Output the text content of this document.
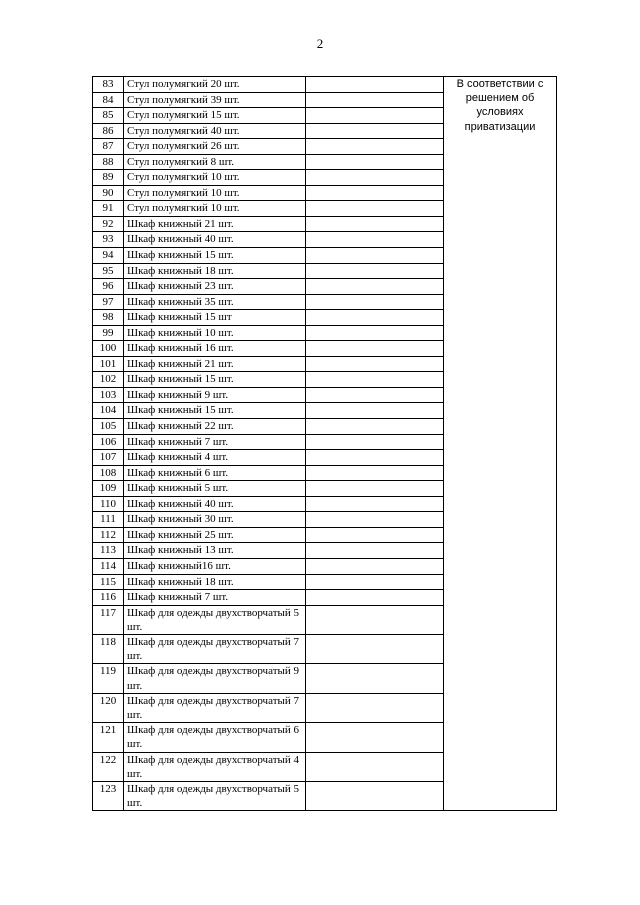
2
83	Стул полумягкий 20 шт.		В соответствии с решением об условиях приватизации
84	Стул полумягкий 39 шт.		
85	Стул полумягкий 15 шт.		
86	Стул полумягкий 40 шт.		
87	Стул полумягкий 26 шт.		
88	Стул полумягкий 8 шт.		
89	Стул полумягкий 10 шт.		
90	Стул полумягкий 10 шт.		
91	Стул полумягкий 10 шт.		
92	Шкаф книжный 21 шт.		
93	Шкаф книжный 40 шт.		
94	Шкаф книжный 15 шт.		
95	Шкаф книжный 18 шт.		
96	Шкаф книжный 23 шт.		
97	Шкаф книжный 35 шт.		
98	Шкаф книжный 15 шт		
99	Шкаф книжный 10 шт.		
100	Шкаф книжный 16 шт.		
101	Шкаф книжный 21 шт.		
102	Шкаф книжный 15 шт.		
103	Шкаф книжный 9 шт.		
104	Шкаф книжный 15 шт.		
105	Шкаф книжный 22 шт.		
106	Шкаф книжный 7 шт.		
107	Шкаф книжный 4 шт.		
108	Шкаф книжный 6 шт.		
109	Шкаф книжный 5 шт.		
110	Шкаф книжный 40 шт.		
111	Шкаф книжный 30 шт.		
112	Шкаф книжный 25 шт.		
113	Шкаф книжный 13 шт.		
114	Шкаф книжный16 шт.		
115	Шкаф книжный 18 шт.		
116	Шкаф книжный 7 шт.		
117	Шкаф для одежды двухстворчатый 5 шт.		
118	Шкаф для одежды двухстворчатый 7 шт.		
119	Шкаф для одежды двухстворчатый 9 шт.		
120	Шкаф для одежды двухстворчатый 7 шт.		
121	Шкаф для одежды двухстворчатый 6 шт.		
122	Шкаф для одежды двухстворчатый 4 шт.		
123	Шкаф для одежды двухстворчатый 5 шт.		
